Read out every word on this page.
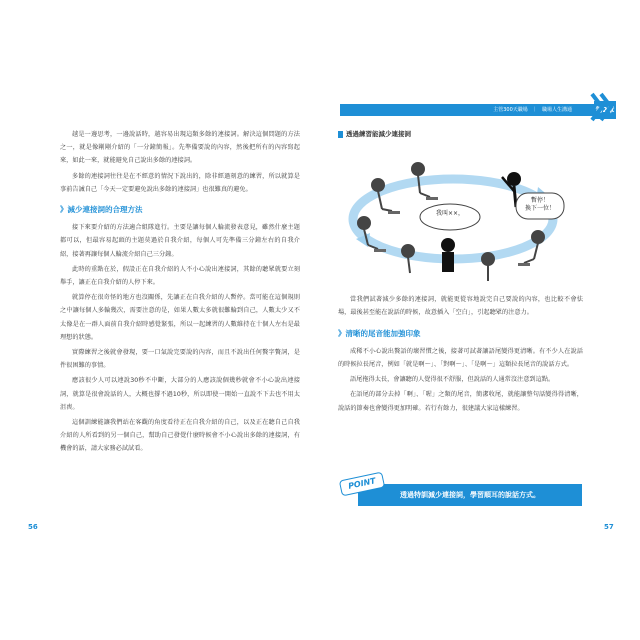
主管300天職場 ｜ 職場人生溝通	第2章

越是一邊思考，一邊說話時，越容易出現這類多餘的連接詞。解決這個問題的方法之一，就是像剛剛介紹的「一分鐘簡報」。先準備要說的內容，然後把所有的內容寫起來，如此一來，就能避免自己說出多餘的連接詞。

多餘的連接詞往往是在不經意的情況下說出的，除非經過刻意的練習，所以就算是事前告誡自己「今天一定要避免說出多餘的連接詞」也很難真的避免。

》減少連接詞的合理方法

接下來要介紹的方法適合組隊進行。主要是讓每個人輪流發表意見，雖然什麼主題都可以，但最容易起頭的主題莫過於自我介紹，每個人可先準備三分鐘左右的自我介紹，接著再讓每個人輪流介紹自己三分鐘。

此時的重點在於，假設正在自我介紹的人不小心說出連接詞，其餘的聽眾就要立刻舉手，讓正在自我介紹的人停下來。

就算停在很奇怪的地方也沒關係，先讓正在自我介紹的人暫停。當可能在這個規則之中讓每個人多輪幾次，需要注意的是，如果人數太多就很難輪到自己，人數太少又不太像是在一群人面前自我介紹時感覺緊張，所以一起練習的人數維持在十個人左右是最理想的狀態。

實際練習之後就會發現，要一口氣說完要說的內容，而且不說出任何贅字贅詞，是件很困難的事情。

應該很少人可以連說30秒不中斷，大部分的人應該說個幾秒就會不小心說出連接詞，就算是很會說話的人，大概也撐不過10秒，所以即使一開始一直說不下去也不用太沮喪。

這個訓練能讓我們站在客觀的角度看待正在自我介紹的自己，以及正在聽自己自我介紹的人所看到的另一個自己，幫助自己發覺什麼時候會不小心說出多餘的連接詞，有機會的話，請大家務必試試看。

56
透過練習能減少連接詞
我叫××，
暫停！
換下一位！

當我們試著減少多餘的連接詞，就能更從容地說完自己要說的內容，也比較不會怯場，最後甚至能在說話的時候，故意插入「空白」，引起聽眾的注意力。

》清晰的尾音能加強印象

成稀不小心說出贅語的壞習慣之後，接著可試著讓語尾變得更清晰。有不少人在說話的時候拉長尾音，例如「就是啊～」、「對啊～」、「是啊～」這類拉長尾音的說話方式。

語尾拖得太長，會讓聽的人覺得很不舒服，但說話的人通常沒注意到這點。

在語尾的部分去掉「啊」、「喔」之類的尾音，簡潔收尾，就能讓整句話變得得清晰，說話的節奏也會變得更加明確。若行有餘力，很建議大家這樣練習。

透過特訓減少連接詞，學習順耳的說話方式。
POINT
57
